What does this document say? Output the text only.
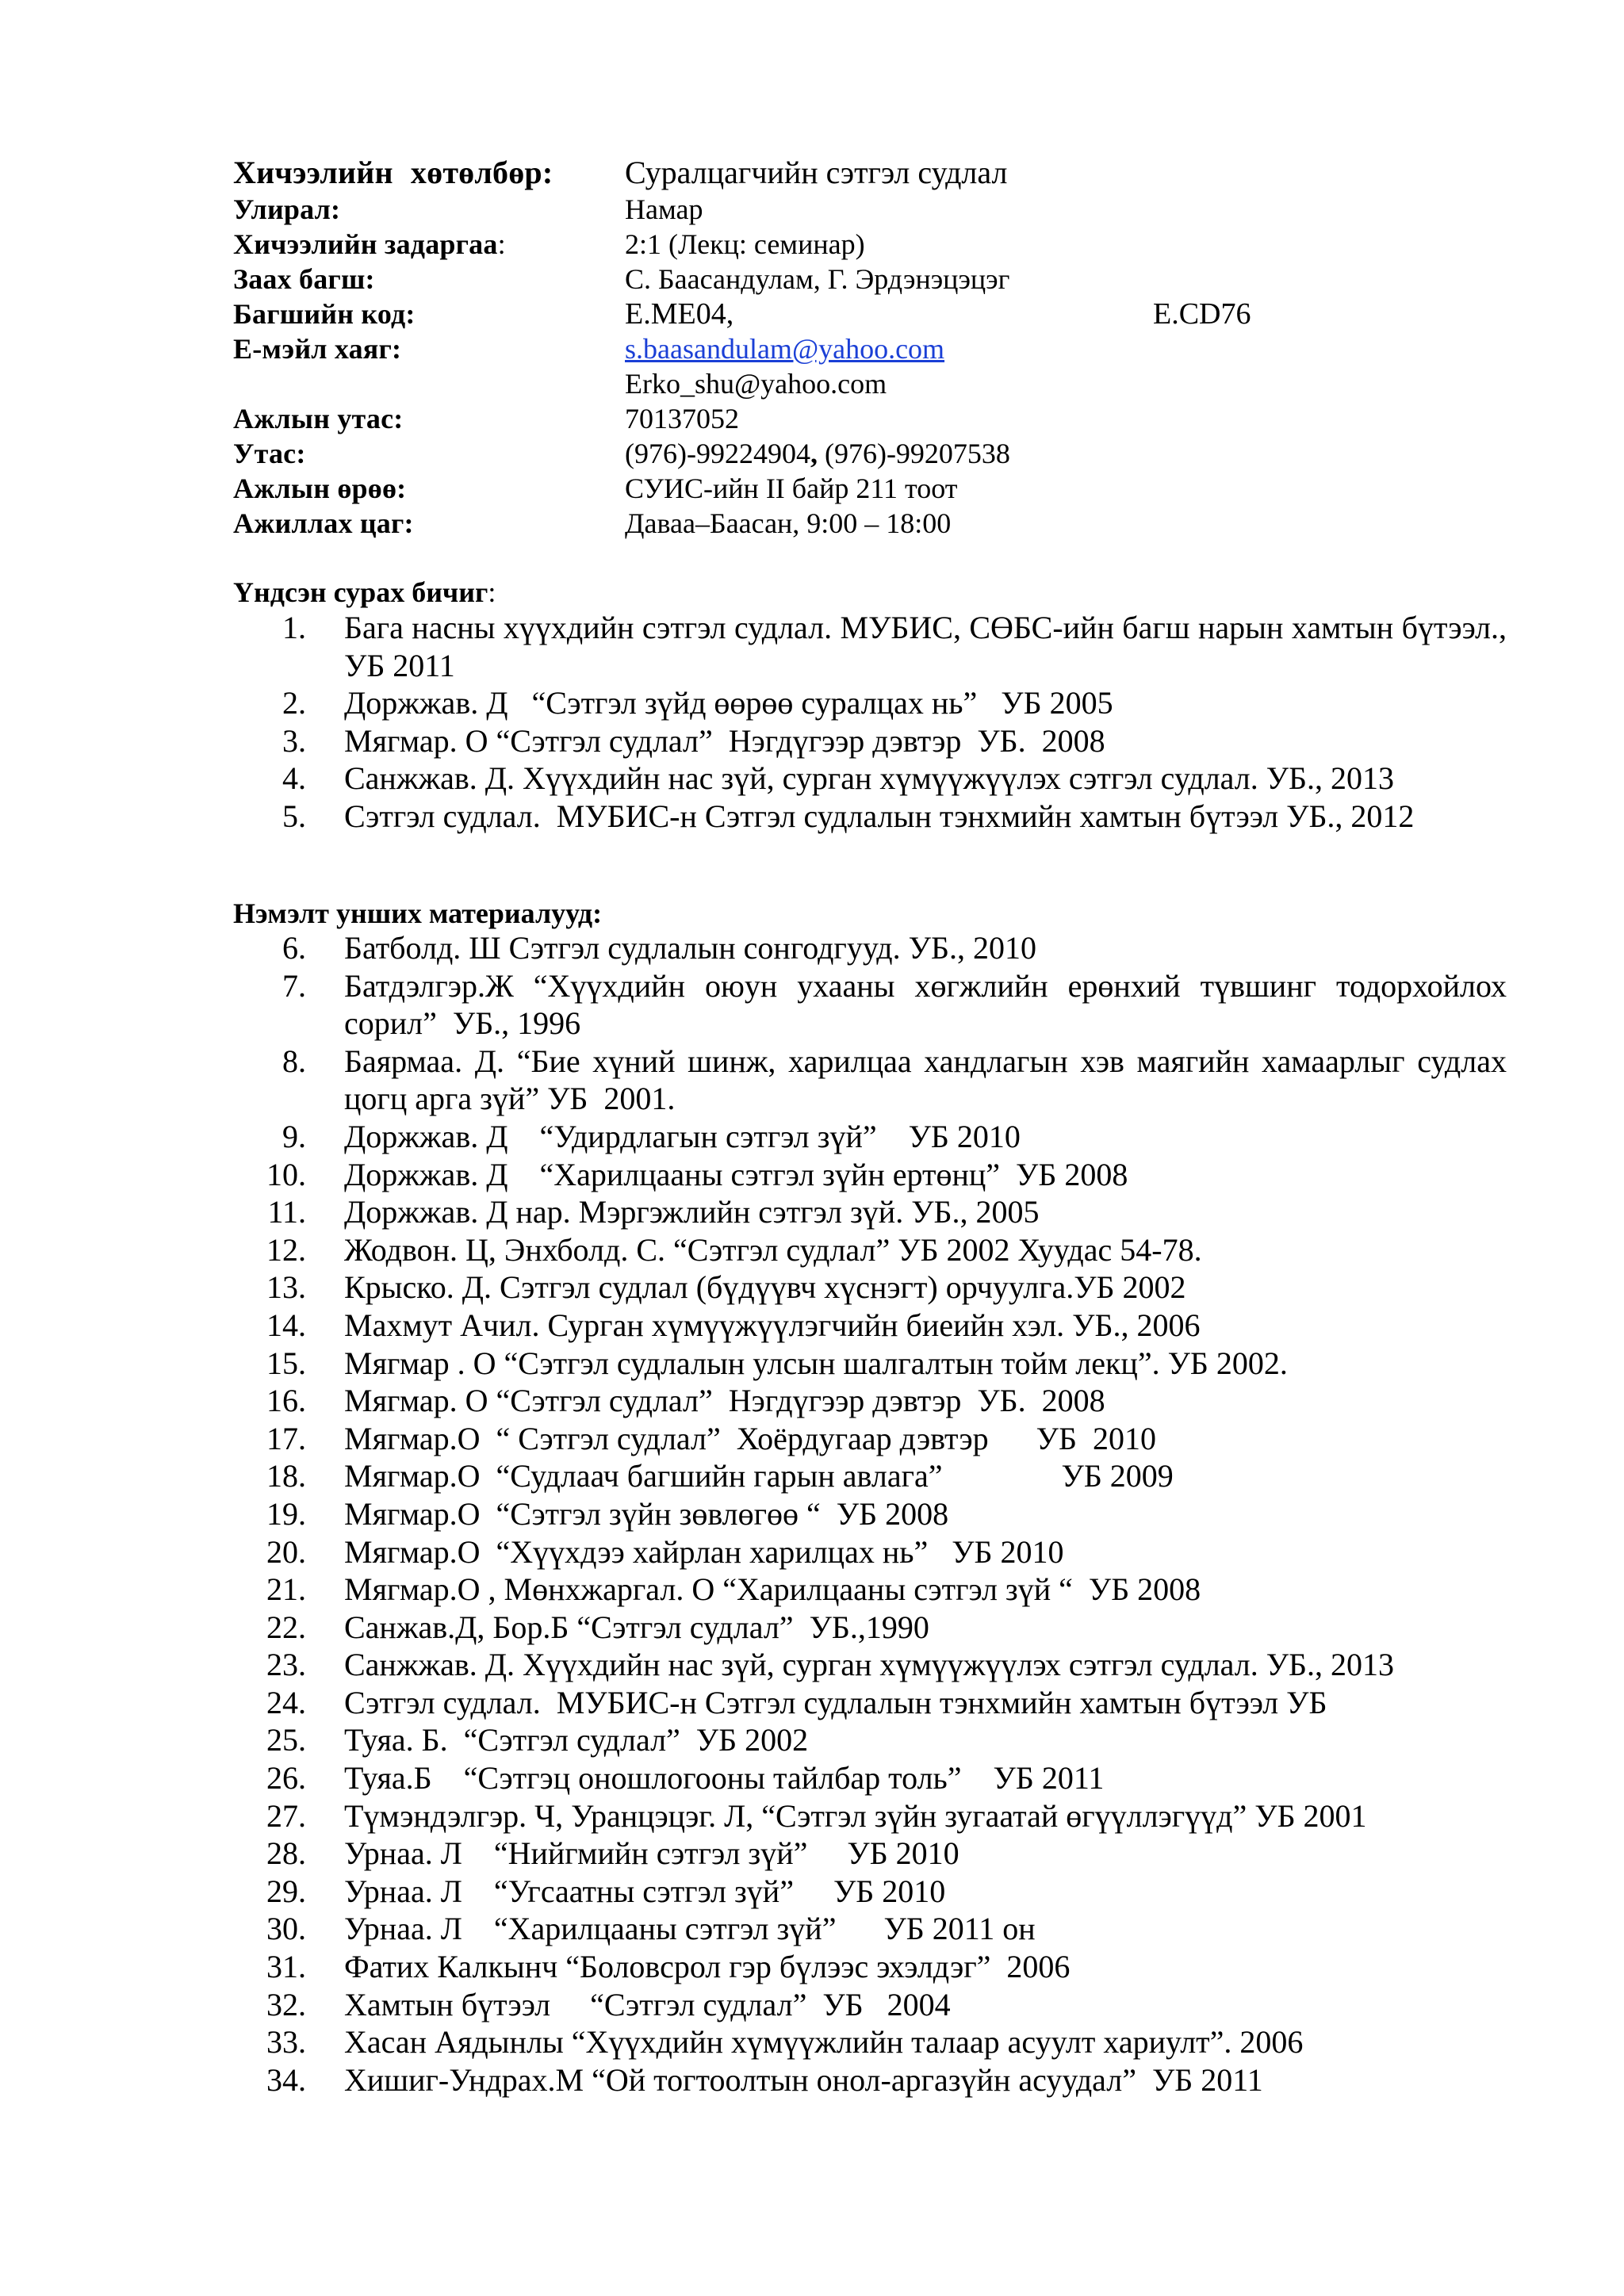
Хичээлийн хөтөлбөр: Суралцагчийн сэтгэл судлал
Улирал:	Намар
Хичээлийн задаргаа:	2:1 (Лекц: семинар)
Заах багш:	С. Баасандулам, Г. Эрдэнэцэцэг
Багшийн код:	Е.МЕ04,	Е.CD76
Е-мэйл хаяг:	s.baasandulam@yahoo.com
Erko_shu@yahoo.com
Ажлын утас:	70137052
Утас:	(976)-99224904, (976)-99207538
Ажлын өрөө:	СУИС-ийн II байр 211 тоот
Ажиллах цаг:	Даваа–Баасан, 9:00 – 18:00
Үндсэн сурах бичиг:
1. Бага насны хүүхдийн сэтгэл судлал. МУБИС, СӨБС-ийн багш нарын хамтын бүтээл., УБ 2011
2. Доржжав. Д   “Сэтгэл зүйд өөрөө суралцах нь”   УБ 2005
3. Мягмар. О “Сэтгэл судлал”  Нэгдүгээр дэвтэр  УБ.  2008
4. Санжжав. Д. Хүүхдийн нас зүй, сурган хүмүүжүүлэх сэтгэл судлал. УБ., 2013
5. Сэтгэл судлал.  МУБИС-н Сэтгэл судлалын тэнхмийн хамтын бүтээл УБ., 2012
Нэмэлт унших материалууд:
6. Батболд. Ш Сэтгэл судлалын сонгодгууд. УБ., 2010
7. Батдэлгэр.Ж “Хүүхдийн оюун ухааны хөгжлийн ерөнхий түвшинг тодорхойлох сорил”  УБ., 1996
8. Баярмаа. Д. “Бие хүний шинж, харилцаа хандлагын хэв маягийн хамаарлыг судлах цогц арга зүй” УБ  2001.
9. Доржжав. Д    “Удирдлагын сэтгэл зүй”    УБ 2010
10. Доржжав. Д    “Харилцааны сэтгэл зүйн ертөнц”  УБ 2008
11. Доржжав. Д нар. Мэргэжлийн сэтгэл зүй. УБ., 2005
12. Жодвон. Ц, Энхболд. С. “Сэтгэл судлал” УБ 2002 Хуудас 54-78.
13. Крыско. Д. Сэтгэл судлал (бүдүүвч хүснэгт) орчуулга.УБ 2002
14. Махмут Ачил. Сурган хүмүүжүүлэгчийн биеийн хэл. УБ., 2006
15. Мягмар . О “Сэтгэл судлалын улсын шалгалтын тойм лекц”. УБ 2002.
16. Мягмар. О “Сэтгэл судлал”  Нэгдүгээр дэвтэр  УБ.  2008
17. Мягмар.О  “ Сэтгэл судлал”  Хоёрдугаар дэвтэр      УБ  2010
18. Мягмар.О  “Судлаач багшийн гарын авлага”               УБ 2009
19. Мягмар.О  “Сэтгэл зүйн зөвлөгөө “  УБ 2008
20. Мягмар.О  “Хүүхдээ хайрлан харилцах нь”   УБ 2010
21. Мягмар.О , Мөнхжаргал. О “Харилцааны сэтгэл зүй “  УБ 2008
22. Санжав.Д, Бор.Б “Сэтгэл судлал”  УБ.,1990
23. Санжжав. Д. Хүүхдийн нас зүй, сурган хүмүүжүүлэх сэтгэл судлал. УБ., 2013
24. Сэтгэл судлал.  МУБИС-н Сэтгэл судлалын тэнхмийн хамтын бүтээл УБ
25. Туяа. Б.  “Сэтгэл судлал”  УБ 2002
26. Туяа.Б    “Сэтгэц оношлогооны тайлбар толь”    УБ 2011
27. Түмэндэлгэр. Ч, Уранцэцэг. Л, “Сэтгэл зүйн зугаатай өгүүллэгүүд” УБ 2001
28. Урнаа. Л    “Нийгмийн сэтгэл зүй”     УБ 2010
29. Урнаа. Л    “Угсаатны сэтгэл зүй”     УБ 2010
30. Урнаа. Л    “Харилцааны сэтгэл зүй”      УБ 2011 он
31. Фатих Калкынч “Боловсрол гэр бүлээс эхэлдэг”  2006
32. Хамтын бүтээл     “Сэтгэл судлал”  УБ   2004
33. Хасан Аядынлы “Хүүхдийн хүмүүжлийн талаар асуулт хариулт”. 2006
34. Хишиг-Ундрах.М “Ой тогтоолтын онол-аргазүйн асуудал”  УБ 2011
